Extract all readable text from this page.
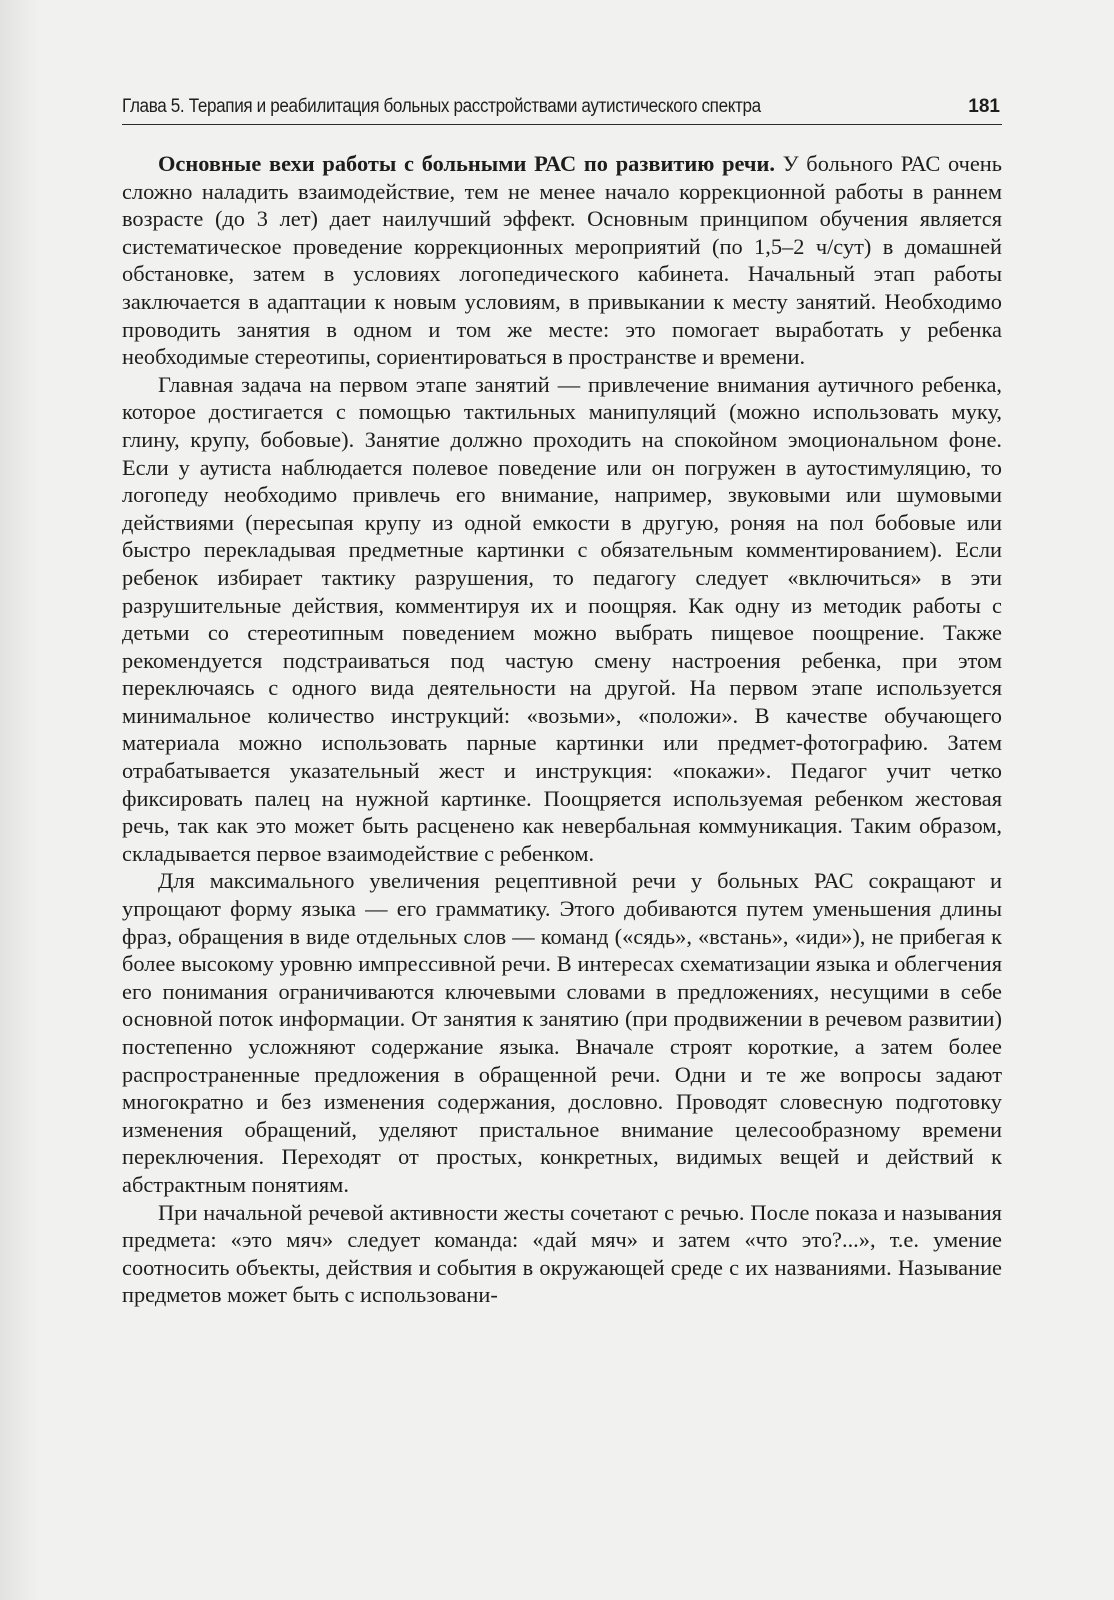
Глава 5. Терапия и реабилитация больных расстройствами аутистического спектра	181

Основные вехи работы с больными РАС по развитию речи. У больного РАС очень сложно наладить взаимодействие, тем не менее начало коррекционной работы в раннем возрасте (до 3 лет) дает наилучший эффект. Основным принципом обучения является систематическое проведение коррекционных мероприятий (по 1,5–2 ч/сут) в домашней обстановке, затем в условиях логопедического кабинета. Начальный этап работы заключается в адаптации к новым условиям, в привыкании к месту занятий. Необходимо проводить занятия в одном и том же месте: это помогает выработать у ребенка необходимые стереотипы, сориентироваться в пространстве и времени.

Главная задача на первом этапе занятий — привлечение внимания аутичного ребенка, которое достигается с помощью тактильных манипуляций (можно использовать муку, глину, крупу, бобовые). Занятие должно проходить на спокойном эмоциональном фоне. Если у аутиста наблюдается полевое поведение или он погружен в аутостимуляцию, то логопеду необходимо привлечь его внимание, например, звуковыми или шумовыми действиями (пересыпая крупу из одной емкости в другую, роняя на пол бобовые или быстро перекладывая предметные картинки с обязательным комментированием). Если ребенок избирает тактику разрушения, то педагогу следует «включиться» в эти разрушительные действия, комментируя их и поощряя. Как одну из методик работы с детьми со стереотипным поведением можно выбрать пищевое поощрение. Также рекомендуется подстраиваться под частую смену настроения ребенка, при этом переключаясь с одного вида деятельности на другой. На первом этапе используется минимальное количество инструкций: «возьми», «положи». В качестве обучающего материала можно использовать парные картинки или предмет-фотографию. Затем отрабатывается указательный жест и инструкция: «покажи». Педагог учит четко фиксировать палец на нужной картинке. Поощряется используемая ребенком жестовая речь, так как это может быть расценено как невербальная коммуникация. Таким образом, складывается первое взаимодействие с ребенком.

Для максимального увеличения рецептивной речи у больных РАС сокращают и упрощают форму языка — его грамматику. Этого добиваются путем уменьшения длины фраз, обращения в виде отдельных слов — команд («сядь», «встань», «иди»), не прибегая к более высокому уровню импрессивной речи. В интересах схематизации языка и облегчения его понимания ограничиваются ключевыми словами в предложениях, несущими в себе основной поток информации. От занятия к занятию (при продвижении в речевом развитии) постепенно усложняют содержание языка. Вначале строят короткие, а затем более распространенные предложения в обращенной речи. Одни и те же вопросы задают многократно и без изменения содержания, дословно. Проводят словесную подготовку изменения обращений, уделяют пристальное внимание целесообразному времени переключения. Переходят от простых, конкретных, видимых вещей и действий к абстрактным понятиям.

При начальной речевой активности жесты сочетают с речью. После показа и называния предмета: «это мяч» следует команда: «дай мяч» и затем «что это?...», т.е. умение соотносить объекты, действия и события в окружающей среде с их названиями. Называние предметов может быть с использовани-
